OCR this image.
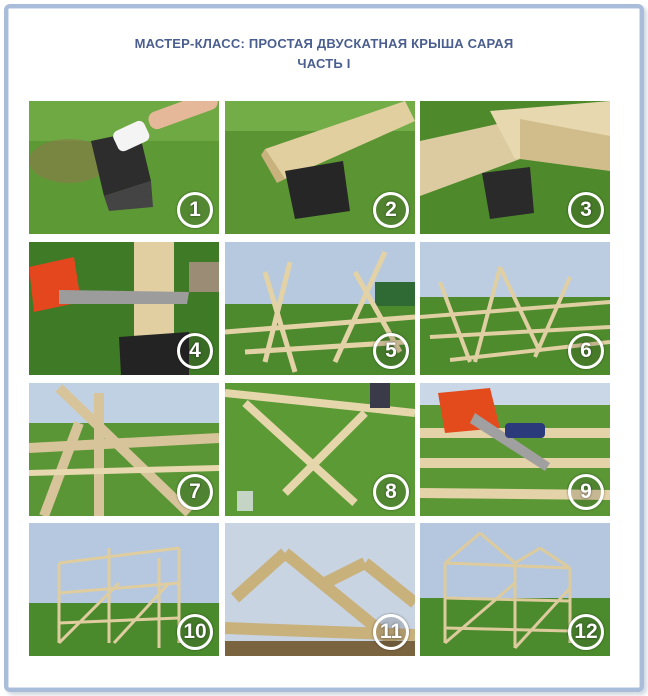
МАСТЕР-КЛАСС: ПРОСТАЯ ДВУСКАТНАЯ КРЫША САРАЯ
ЧАСТЬ I
1	2	3
4	5	6
7	8	9
10	11	12
